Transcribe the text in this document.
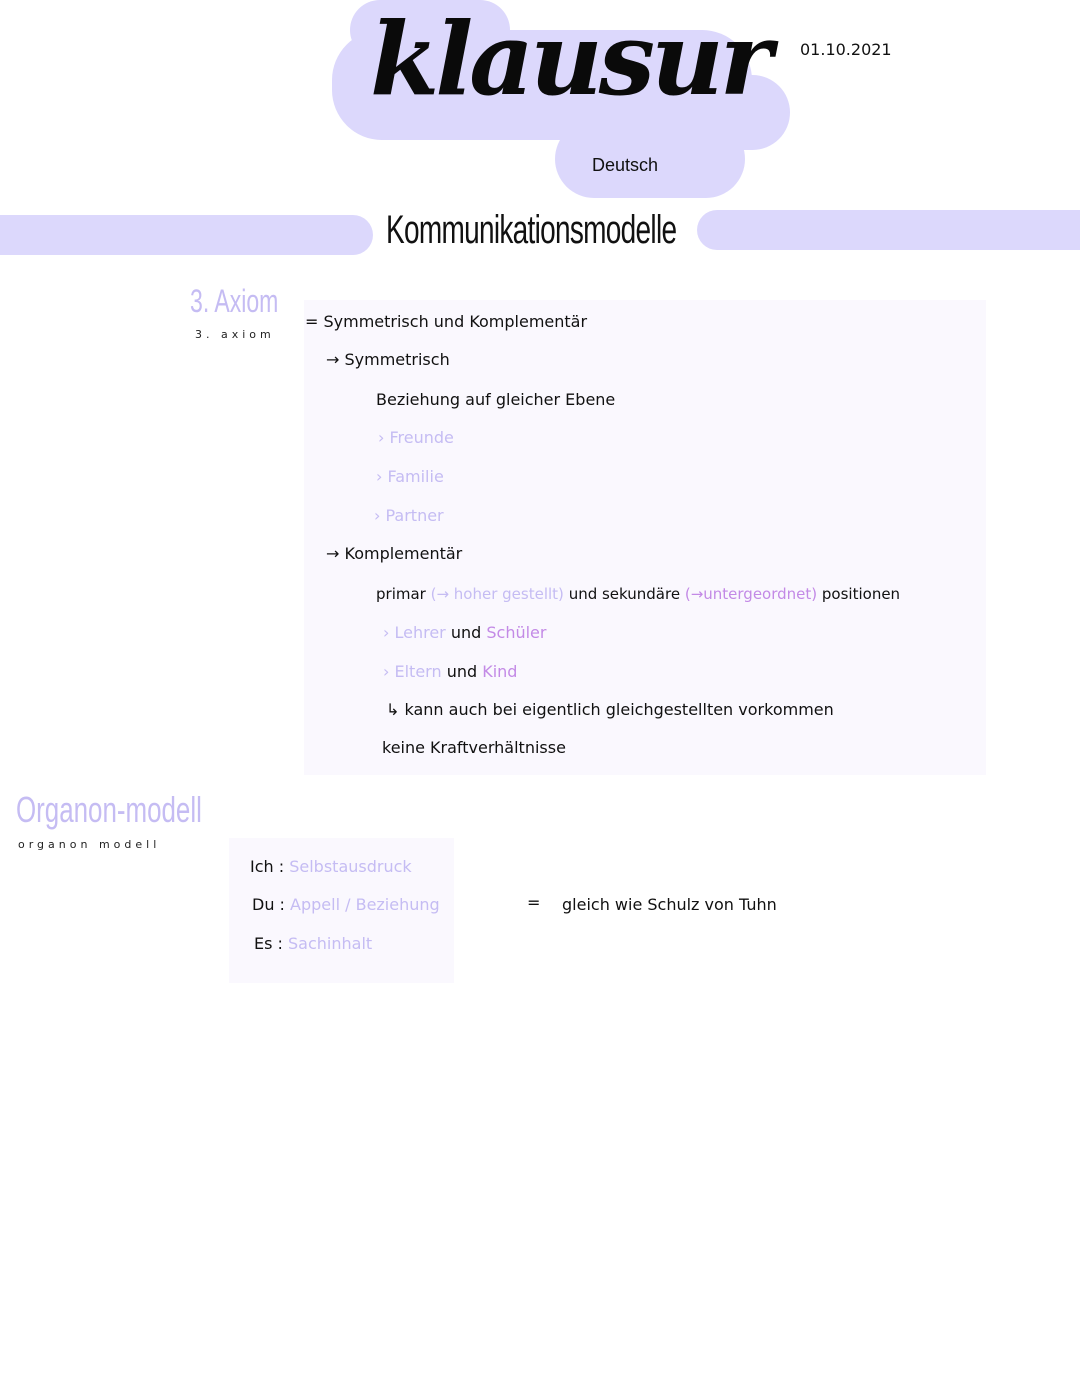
klausur 01.10.2021
Deutsch
Kommunikationsmodelle
3. Axiom
3. axiom
= Symmetrisch und Komplementär
→ Symmetrisch
Beziehung auf gleicher Ebene
› Freunde
› Familie
› Partner
→ Komplementär
primar (→ hoher gestellt) und sekundäre (→untergeordnet) positionen
› Lehrer und Schüler
› Eltern und Kind
↳ kann auch bei eigentlich gleichgestellten vorkommen
keine Kraftverhältnisse
Organon-modell
organon modell
Ich : Selbstausdruck
Du : Appell / Beziehung
Es : Sachinhalt
= gleich wie Schulz von Tuhn
